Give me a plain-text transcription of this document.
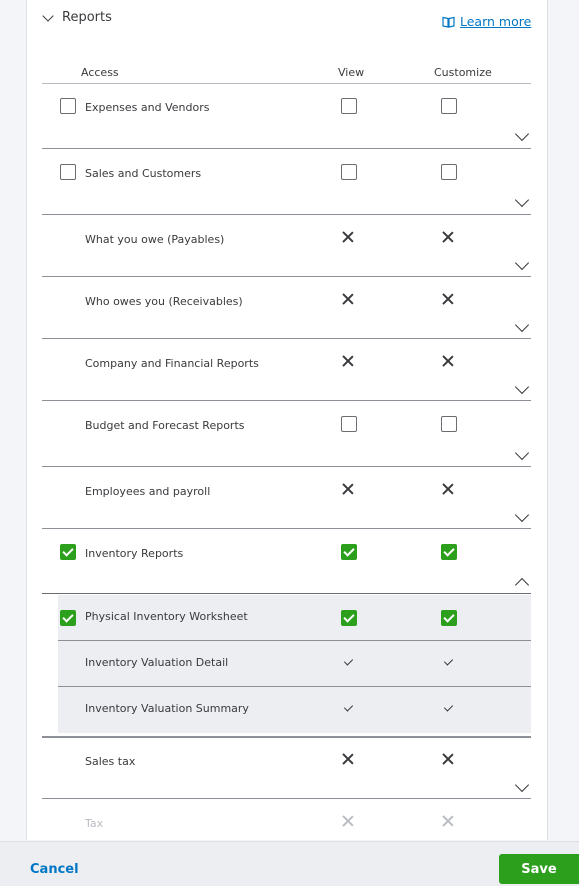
Reports	Learn more
Access	View	Customize
Expenses and Vendors
Sales and Customers
What you owe (Payables)
Who owes you (Receivables)
Company and Financial Reports
Budget and Forecast Reports
Employees and payroll
Inventory Reports
Physical Inventory Worksheet
Inventory Valuation Detail
Inventory Valuation Summary
Sales tax
Tax
Cancel	Save
